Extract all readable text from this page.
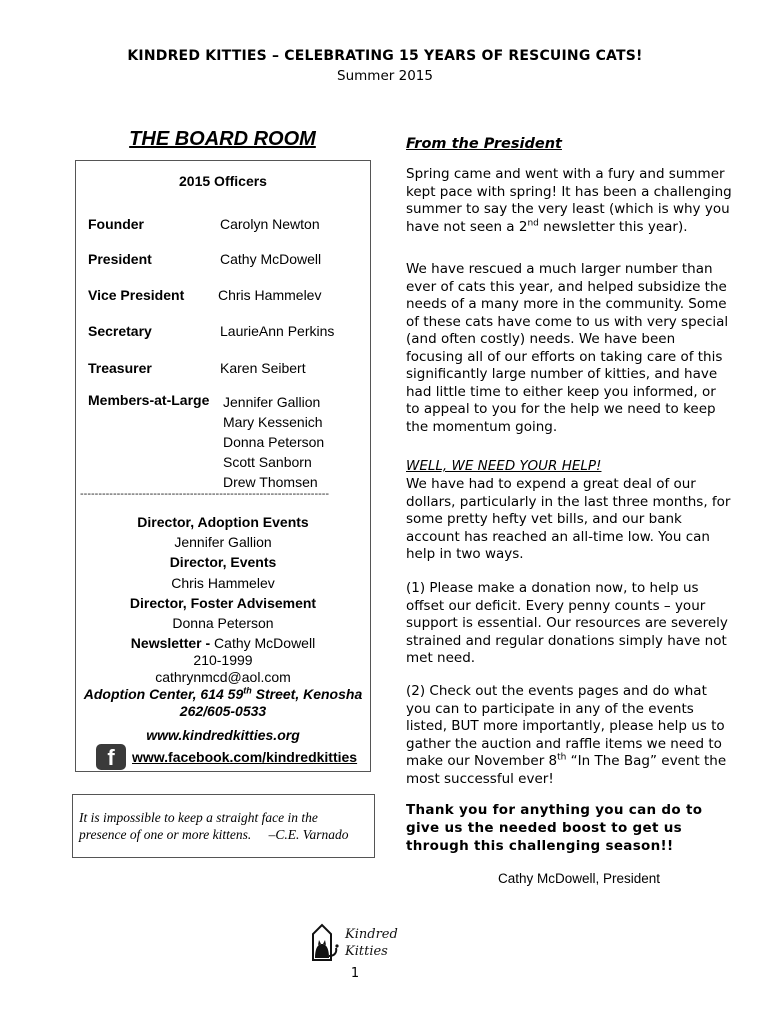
KINDRED KITTIES – CELEBRATING 15 YEARS OF RESCUING CATS!
Summer 2015
THE BOARD ROOM
2015 Officers
Founder	Carolyn Newton
President	Cathy McDowell
Vice President Chris Hammelev
Secretary	LaurieAnn Perkins
Treasurer	Karen Seibert
Members-at-Large Jennifer Gallion
Mary Kessenich
Donna Peterson
Scott Sanborn
Drew Thomsen
--------------------------------------------------------------------
Director, Adoption Events
Jennifer Gallion
Director, Events
Chris Hammelev
Director, Foster Advisement
Donna Peterson
Newsletter - Cathy McDowell
210-1999
cathrynmcd@aol.com
Adoption Center, 614 59th Street, Kenosha
262/605-0533
www.kindredkitties.org
f	www.facebook.com/kindredkitties
It is impossible to keep a straight face in the presence of one or more kittens. –C.E. Varnado
From the President

Spring came and went with a fury and summer kept pace with spring! It has been a challenging summer to say the very least (which is why you have not seen a 2nd newsletter this year).

We have rescued a much larger number than ever of cats this year, and helped subsidize the needs of a many more in the community. Some of these cats have come to us with very special (and often costly) needs. We have been focusing all of our efforts on taking care of this significantly large number of kitties, and have had little time to either keep you informed, or to appeal to you for the help we need to keep the momentum going.
WELL, WE NEED YOUR HELP!
We have had to expend a great deal of our dollars, particularly in the last three months, for some pretty hefty vet bills, and our bank account has reached an all-time low. You can help in two ways.
(1) Please make a donation now, to help us offset our deficit. Every penny counts – your support is essential. Our resources are severely strained and regular donations simply have not met need.

(2) Check out the events pages and do what you can to participate in any of the events listed, BUT more importantly, please help us to gather the auction and raffle items we need to make our November 8th “In The Bag” event the most successful ever!

Thank you for anything you can do to give us the needed boost to get us through this challenging season!!
Cathy McDowell, President
Kindred
Kitties
1
